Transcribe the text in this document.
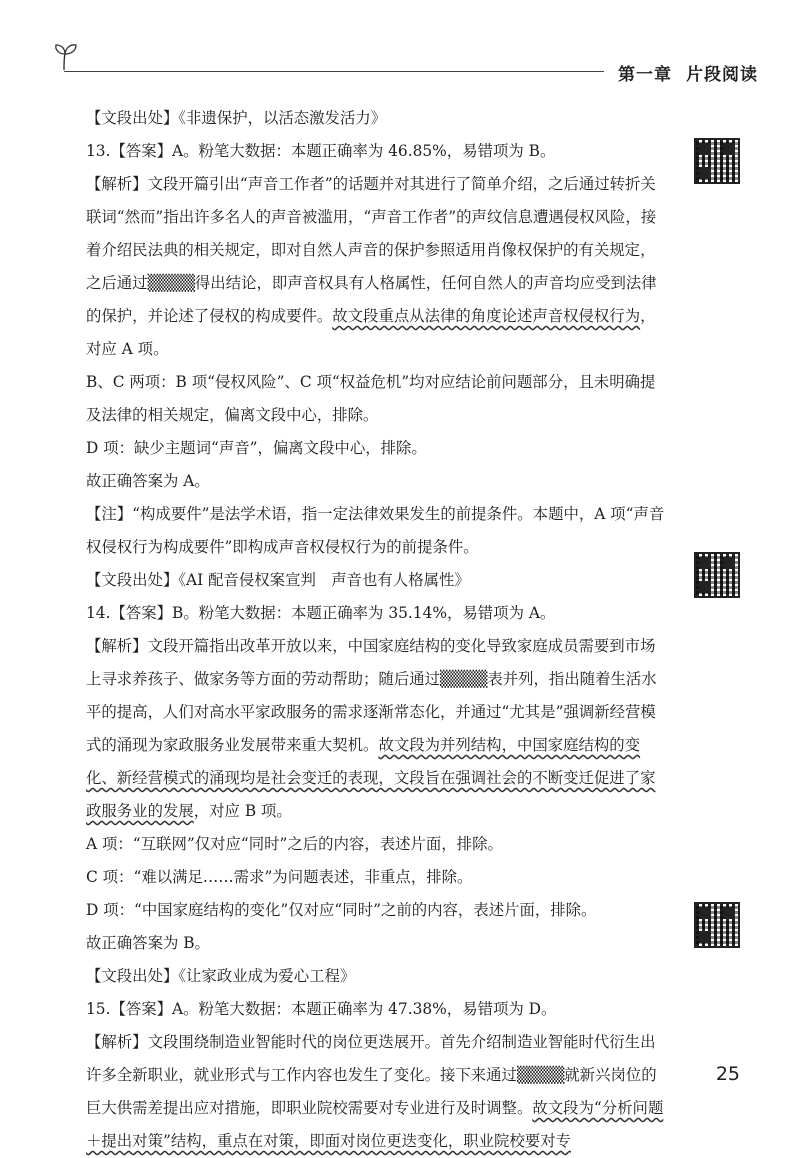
第一章 片段阅读

【文段出处】《非遗保护，以活态激发活力》

13.【答案】A。粉笔大数据：本题正确率为 46.85%，易错项为 B。

【解析】文段开篇引出“声音工作者”的话题并对其进行了简单介绍，之后通过转折关联词“然而”指出许多名人的声音被滥用，“声音工作者”的声纹信息遭遇侵权风险，接着介绍民法典的相关规定，即对自然人声音的保护参照适用肖像权保护的有关规定，之后通过▒▒▒▒得出结论，即声音权具有人格属性，任何自然人的声音均应受到法律的保护，并论述了侵权的构成要件。故文段重点从法律的角度论述声音权侵权行为，对应 A 项。

B、C 两项：B 项“侵权风险”、C 项“权益危机”均对应结论前问题部分，且未明确提及法律的相关规定，偏离文段中心，排除。

D 项：缺少主题词“声音”，偏离文段中心，排除。

故正确答案为 A。

【注】“构成要件”是法学术语，指一定法律效果发生的前提条件。本题中，A 项“声音权侵权行为构成要件”即构成声音权侵权行为的前提条件。

【文段出处】《AI 配音侵权案宣判　声音也有人格属性》

14.【答案】B。粉笔大数据：本题正确率为 35.14%，易错项为 A。

【解析】文段开篇指出改革开放以来，中国家庭结构的变化导致家庭成员需要到市场上寻求养孩子、做家务等方面的劳动帮助；随后通过▒▒▒▒表并列，指出随着生活水平的提高，人们对高水平家政服务的需求逐渐常态化，并通过“尤其是”强调新经营模式的涌现为家政服务业发展带来重大契机。故文段为并列结构，中国家庭结构的变化、新经营模式的涌现均是社会变迁的表现，文段旨在强调社会的不断变迁促进了家政服务业的发展，对应 B 项。

A 项：“互联网”仅对应“同时”之后的内容，表述片面，排除。

C 项：“难以满足……需求”为问题表述，非重点，排除。

D 项：“中国家庭结构的变化”仅对应“同时”之前的内容，表述片面，排除。

故正确答案为 B。

【文段出处】《让家政业成为爱心工程》

15.【答案】A。粉笔大数据：本题正确率为 47.38%，易错项为 D。

【解析】文段围绕制造业智能时代的岗位更迭展开。首先介绍制造业智能时代衍生出许多全新职业，就业形式与工作内容也发生了变化。接下来通过▒▒▒▒就新兴岗位的巨大供需差提出应对措施，即职业院校需要对专业进行及时调整。故文段为“分析问题＋提出对策”结构，重点在对策，即面对岗位更迭变化，职业院校要对专

25
